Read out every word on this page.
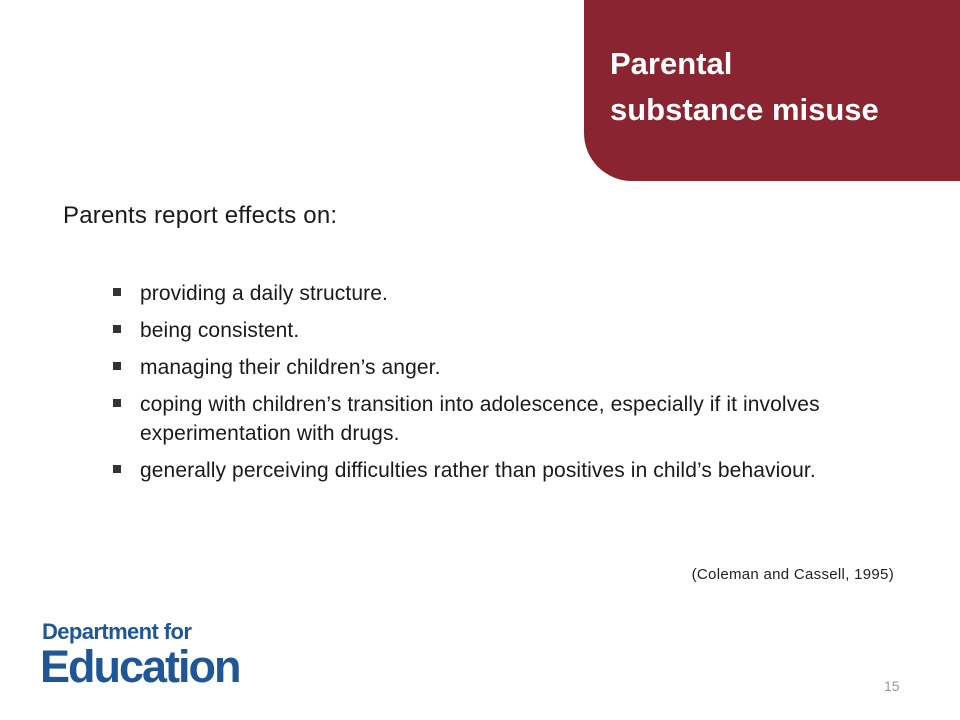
Parental
substance misuse
Parents report effects on:
providing a daily structure.
being consistent.
managing their children’s anger.
coping with children’s transition into adolescence, especially if it involves experimentation with drugs.
generally perceiving difficulties rather than positives in child’s behaviour.
(Coleman and Cassell, 1995)
Department for
Education	15
